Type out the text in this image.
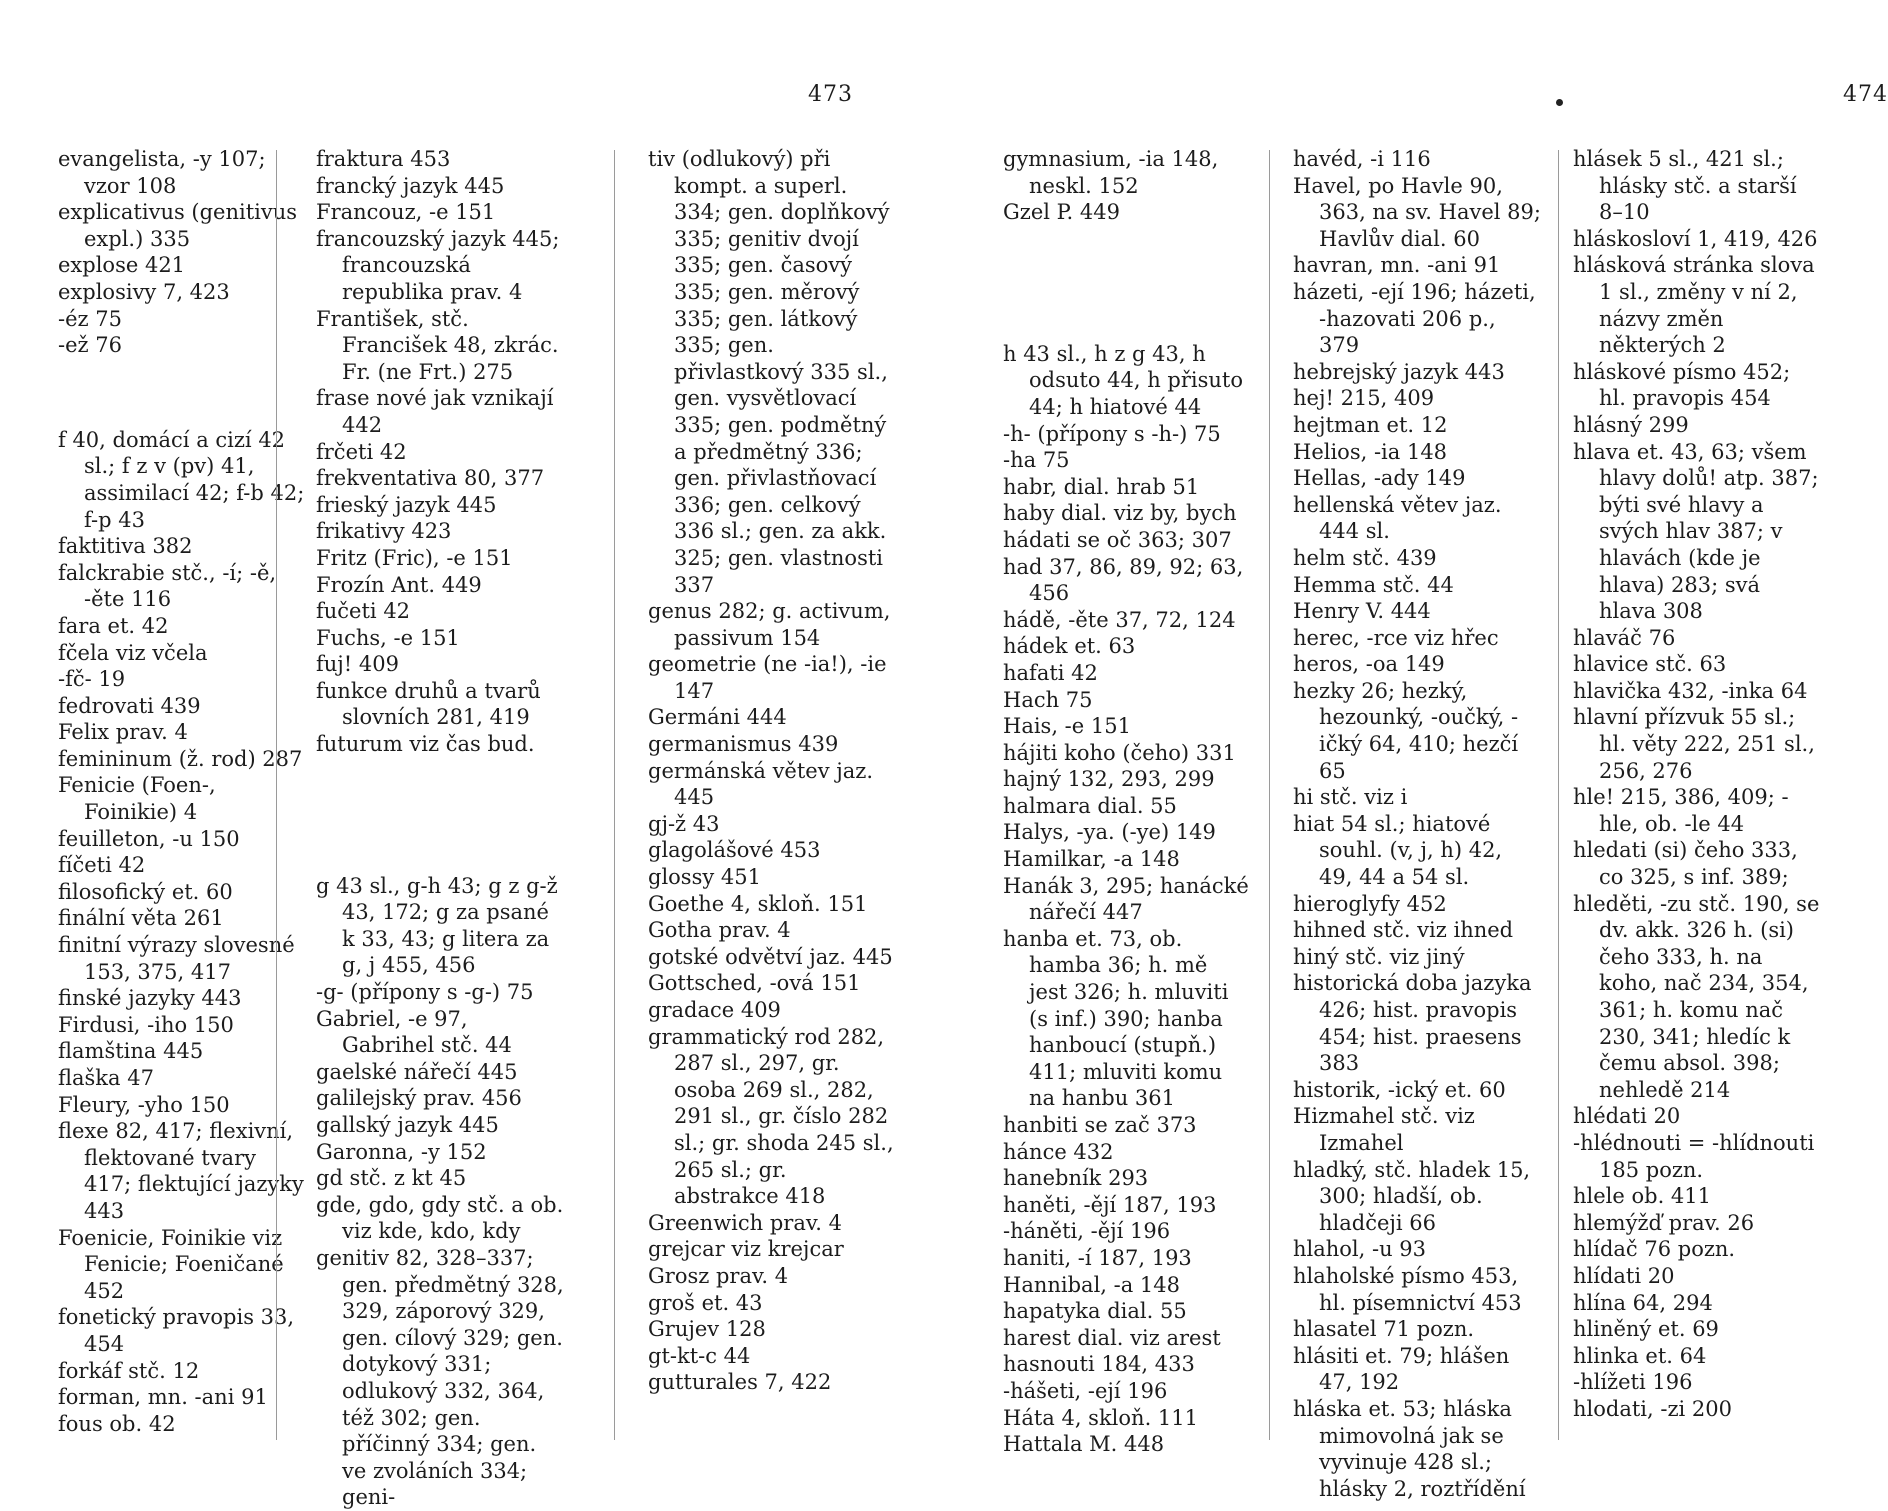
473

evangelista, -y 107; vzor 108

explicativus (genitivus expl.) 335

explose 421

explosivy 7, 423

-éz 75

-ež 76

f 40, domácí a cizí 42 sl.; f z v (pv) 41, assimilací 42; f-b 42; f-p 43

faktitiva 382

falckrabie stč., -í; -ě, -ěte 116

fara et. 42

fčela viz včela

-fč- 19

fedrovati 439

Felix prav. 4

femininum (ž. rod) 287

Fenicie (Foen-, Foinikie) 4

feuilleton, -u 150

fíčeti 42

filosofický et. 60

finální věta 261

finitní výrazy slovesné 153, 375, 417

finské jazyky 443

Firdusi, -iho 150

flamština 445

flaška 47

Fleury, -yho 150

flexe 82, 417; flexivní, flektované tvary 417; flektující jazyky 443

Foenicie, Foinikie viz Fenicie; Foeničané 452

fonetický pravopis 33, 454

forkáf stč. 12

forman, mn. -ani 91

fous ob. 42

fraktura 453

francký jazyk 445

Francouz, -e 151

francouzský jazyk 445; francouzská republika prav. 4

František, stč. Francišek 48, zkrác. Fr. (ne Frt.) 275

frase nové jak vznikají 442

frčeti 42

frekventativa 80, 377

frieský jazyk 445

frikativy 423

Fritz (Fric), -e 151

Frozín Ant. 449

fučeti 42

Fuchs, -e 151

fuj! 409

funkce druhů a tvarů slovních 281, 419

futurum viz čas bud.

g 43 sl., g-h 43; g z g-ž 43, 172; g za psané k 33, 43; g litera za g, j 455, 456

-g- (přípony s -g-) 75

Gabriel, -e 97, Gabrihel stč. 44

gaelské nářečí 445

galilejský prav. 456

gallský jazyk 445

Garonna, -y 152

gd stč. z kt 45

gde, gdo, gdy stč. a ob. viz kde, kdo, kdy

genitiv 82, 328–337; gen. předmětný 328, 329, záporový 329, gen. cílový 329; gen. dotykový 331; odlukový 332, 364, též 302; gen. příčinný 334; gen. ve zvoláních 334; geni-

tiv (odlukový) při kompt. a superl. 334; gen. doplňkový 335; genitiv dvojí 335; gen. časový 335; gen. měrový 335; gen. látkový 335; gen. přivlastkový 335 sl., gen. vysvětlovací 335; gen. podmětný a předmětný 336; gen. přivlastňovací 336; gen. celkový 336 sl.; gen. za akk. 325; gen. vlastnosti 337

genus 282; g. activum, passivum 154

geometrie (ne -ia!), -ie 147

Germáni 444

germanismus 439

germánská větev jaz. 445

gj-ž 43

glagolášové 453

glossy 451

Goethe 4, skloň. 151

Gotha prav. 4

gotské odvětví jaz. 445

Gottsched, -ová 151

gradace 409

grammatický rod 282, 287 sl., 297, gr. osoba 269 sl., 282, 291 sl., gr. číslo 282 sl.; gr. shoda 245 sl., 265 sl.; gr. abstrakce 418

Greenwich prav. 4

grejcar viz krejcar

Grosz prav. 4

groš et. 43

Grujev 128

gt-kt-c 44

gutturales 7, 422

474

gymnasium, -ia 148, neskl. 152

Gzel P. 449

h 43 sl., h z g 43, h odsuto 44, h přisuto 44; h hiatové 44

-h- (přípony s -h-) 75

-ha 75

habr, dial. hrab 51

haby dial. viz by, bych

hádati se oč 363; 307

had 37, 86, 89, 92; 63, 456

hádě, -ěte 37, 72, 124

hádek et. 63

hafati 42

Hach 75

Hais, -e 151

hájiti koho (čeho) 331

hajný 132, 293, 299

halmara dial. 55

Halys, -ya. (-ye) 149

Hamilkar, -a 148

Hanák 3, 295; hanácké nářečí 447

hanba et. 73, ob. hamba 36; h. mě jest 326; h. mluviti (s inf.) 390; hanba hanboucí (stupň.) 411; mluviti komu na hanbu 361

hanbiti se zač 373

hánce 432

hanebník 293

haněti, -ějí 187, 193

-háněti, -ějí 196

haniti, -í 187, 193

Hannibal, -a 148

hapatyka dial. 55

harest dial. viz arest

hasnouti 184, 433

-hášeti, -ejí 196

Háta 4, skloň. 111

Hattala M. 448

havéd, -i 116

Havel, po Havle 90, 363, na sv. Havel 89; Havlův dial. 60

havran, mn. -ani 91

házeti, -ejí 196; házeti, -hazovati 206 p., 379

hebrejský jazyk 443

hej! 215, 409

hejtman et. 12

Helios, -ia 148

Hellas, -ady 149

hellenská větev jaz. 444 sl.

helm stč. 439

Hemma stč. 44

Henry V. 444

herec, -rce viz hřec

heros, -oa 149

hezky 26; hezký, hezounký, -oučký, -ičký 64, 410; hezčí 65

hi stč. viz i

hiat 54 sl.; hiatové souhl. (v, j, h) 42, 49, 44 a 54 sl.

hieroglyfy 452

hihned stč. viz ihned

hiný stč. viz jiný

historická doba jazyka 426; hist. pravopis 454; hist. praesens 383

historik, -ický et. 60

Hizmahel stč. viz Izmahel

hladký, stč. hladek 15, 300; hladší, ob. hladčeji 66

hlahol, -u 93

hlaholské písmo 453, hl. písemnictví 453

hlasatel 71 pozn.

hlásiti et. 79; hlášen 47, 192

hláska et. 53; hláska mimovolná jak se vyvinuje 428 sl.; hlásky 2, roztřídění

hlásek 5 sl., 421 sl.; hlásky stč. a starší 8–10

hláskosloví 1, 419, 426

hlásková stránka slova 1 sl., změny v ní 2, názvy změn některých 2

hláskové písmo 452; hl. pravopis 454

hlásný 299

hlava et. 43, 63; všem hlavy dolů! atp. 387; býti své hlavy a svých hlav 387; v hlavách (kde je hlava) 283; svá hlava 308

hlaváč 76

hlavice stč. 63

hlavička 432, -inka 64

hlavní přízvuk 55 sl.; hl. věty 222, 251 sl., 256, 276

hle! 215, 386, 409; -hle, ob. -le 44

hledati (si) čeho 333, co 325, s inf. 389;

hleděti, -zu stč. 190, se dv. akk. 326 h. (si) čeho 333, h. na koho, nač 234, 354, 361; h. komu nač 230, 341; hledíc k čemu absol. 398; nehledě 214

hlédati 20

-hlédnouti = -hlídnouti 185 pozn.

hlele ob. 411

hlemýžď prav. 26

hlídač 76 pozn.

hlídati 20

hlína 64, 294

hliněný et. 69

hlinka et. 64

-hlížeti 196

hlodati, -zi 200
